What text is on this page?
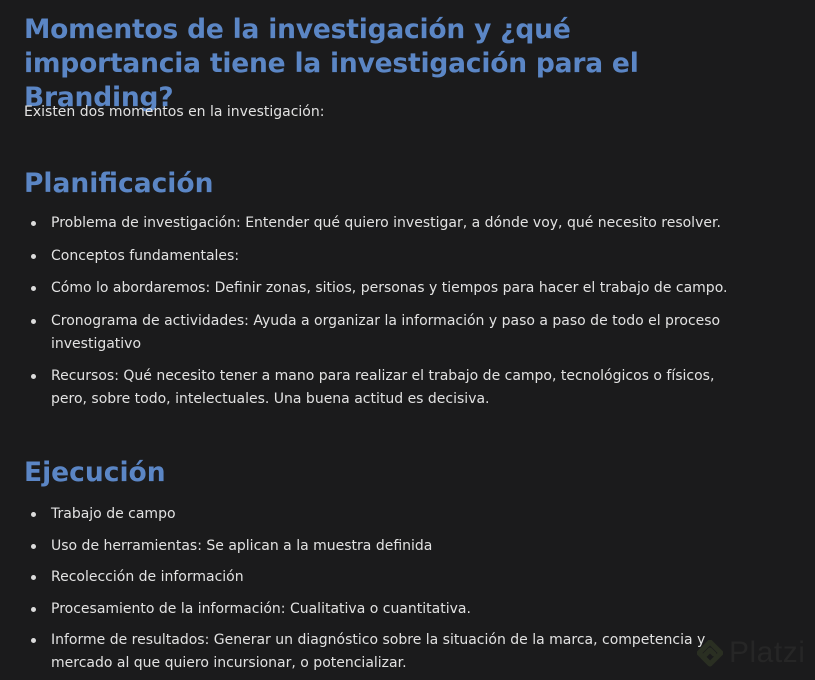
Momentos de la investigación y ¿qué importancia tiene la investigación para el Branding?

Existen dos momentos en la investigación:

Planificación
Problema de investigación: Entender qué quiero investigar, a dónde voy, qué necesito resolver.
Conceptos fundamentales:
Cómo lo abordaremos: Definir zonas, sitios, personas y tiempos para hacer el trabajo de campo.
Cronograma de actividades: Ayuda a organizar la información y paso a paso de todo el proceso investigativo
Recursos: Qué necesito tener a mano para realizar el trabajo de campo, tecnológicos o físicos, pero, sobre todo, intelectuales. Una buena actitud es decisiva.
Ejecución
Trabajo de campo
Uso de herramientas: Se aplican a la muestra definida
Recolección de información
Procesamiento de la información: Cualitativa o cuantitativa.
Informe de resultados: Generar un diagnóstico sobre la situación de la marca, competencia y mercado al que quiero incursionar, o potencializar.	Platzi
